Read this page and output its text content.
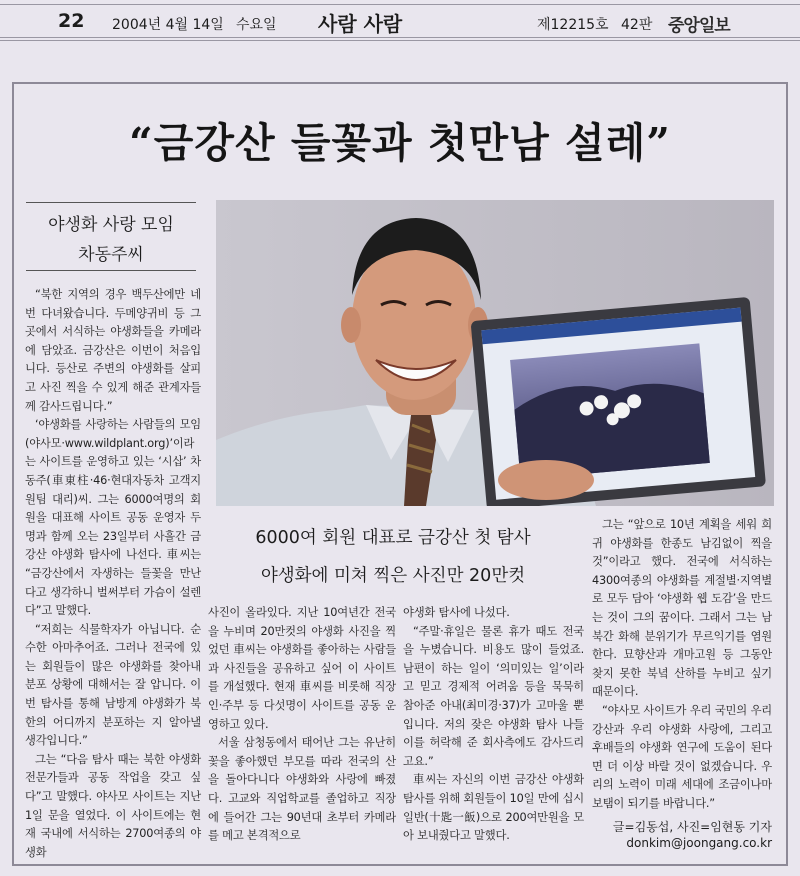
22 2004년 4월 14일 수요일 사람 사람	제12215호 42판 중앙일보
“금강산 들꽃과 첫만남 설레”
야생화 사랑 모임
차동주씨

“북한 지역의 경우 백두산에만 네 번 다녀왔습니다. 두메양귀비 등 그 곳에서 서식하는 야생화들을 카메라에 담았죠. 금강산은 이번이 처음입니다. 등산로 주변의 야생화를 살피고 사진 찍을 수 있게 해준 관계자들께 감사드립니다.”

‘야생화를 사랑하는 사람들의 모임(야사모·www.wildplant.org)’이라는 사이트를 운영하고 있는 ‘시삽’ 차동주(車東柱·46·현대자동차 고객지원팀 대리)씨. 그는 6000여명의 회원을 대표해 사이트 공동 운영자 두명과 함께 오는 23일부터 사흘간 금강산 야생화 탐사에 나선다. 車씨는 “금강산에서 자생하는 들꽃을 만난다고 생각하니 벌써부터 가슴이 설렌다”고 말했다.

“저희는 식물학자가 아닙니다. 순수한 아마추어죠. 그러나 전국에 있는 회원들이 많은 야생화를 찾아내 분포 상황에 대해서는 잘 압니다. 이번 탐사를 통해 남방계 야생화가 북한의 어디까지 분포하는 지 알아낼 생각입니다.”

그는 “다음 탐사 때는 북한 야생화 전문가들과 공동 작업을 갖고 싶다”고 말했다. 야사모 사이트는 지난 1일 문을 열었다. 이 사이트에는 현재 국내에 서식하는 2700여종의 야생화

6000여 회원 대표로 금강산 첫 탐사
야생화에 미쳐 찍은 사진만 20만컷

사진이 올라있다. 지난 10여년간 전국을 누비며 20만컷의 야생화 사진을 찍었던 車씨는 야생화를 좋아하는 사람들과 사진들을 공유하고 싶어 이 사이트를 개설했다. 현재 車씨를 비롯해 직장인·주부 등 다섯명이 사이트를 공동 운영하고 있다.

서울 삼청동에서 태어난 그는 유난히 꽃을 좋아했던 부모를 따라 전국의 산을 돌아다니다 야생화와 사랑에 빠졌다. 고교와 직업학교를 졸업하고 직장에 들어간 그는 90년대 초부터 카메라를 메고 본격적으로

야생화 탐사에 나섰다.

“주말·휴일은 물론 휴가 때도 전국을 누볐습니다. 비용도 많이 들었죠. 남편이 하는 일이 ‘의미있는 일’이라고 믿고 경제적 어려움 등을 묵묵히 참아준 아내(최미경·37)가 고마울 뿐입니다. 저의 잦은 야생화 탐사 나들이를 허락해 준 회사측에도 감사드리고요.”

車씨는 자신의 이번 금강산 야생화 탐사를 위해 회원들이 10일 만에 십시일반(十匙一飯)으로 200여만원을 모아 보내줬다고 말했다.

그는 “앞으로 10년 계획을 세워 희귀 야생화를 한종도 남김없이 찍을 것”이라고 했다. 전국에 서식하는 4300여종의 야생화를 계절별·지역별로 모두 담아 ‘야생화 웹 도감’을 만드는 것이 그의 꿈이다. 그래서 그는 남북간 화해 분위기가 무르익기를 염원한다. 묘향산과 개마고원 등 그동안 찾지 못한 북녘 산하를 누비고 싶기 때문이다.

“야사모 사이트가 우리 국민의 우리 강산과 우리 야생화 사랑에, 그리고 후배들의 야생화 연구에 도움이 된다면 더 이상 바랄 것이 없겠습니다. 우리의 노력이 미래 세대에 조금이나마 보탬이 되기를 바랍니다.”

글=김동섭, 사진=임현동 기자
donkim@joongang.co.kr
